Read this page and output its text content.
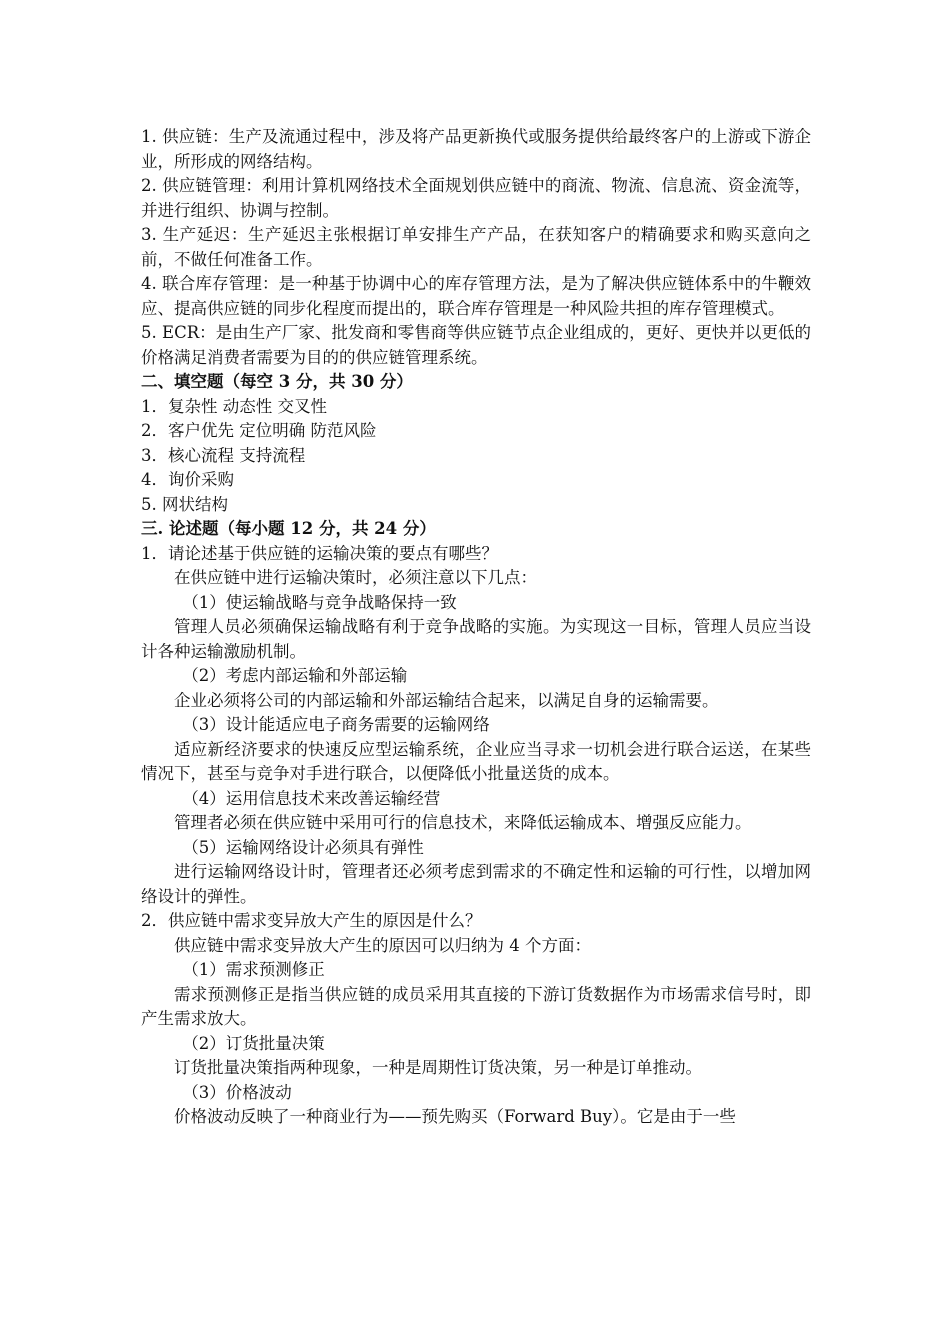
1. 供应链：生产及流通过程中，涉及将产品更新换代或服务提供给最终客户的上游或下游企业，所形成的网络结构。

2. 供应链管理：利用计算机网络技术全面规划供应链中的商流、物流、信息流、资金流等，并进行组织、协调与控制。

3. 生产延迟：生产延迟主张根据订单安排生产产品，在获知客户的精确要求和购买意向之前，不做任何准备工作。

4. 联合库存管理：是一种基于协调中心的库存管理方法，是为了解决供应链体系中的牛鞭效应、提高供应链的同步化程度而提出的，联合库存管理是一种风险共担的库存管理模式。

5. ECR：是由生产厂家、批发商和零售商等供应链节点企业组成的，更好、更快并以更低的价格满足消费者需要为目的的供应链管理系统。

二、填空题（每空 3 分，共 30 分）

1．复杂性 动态性 交叉性

2．客户优先 定位明确 防范风险

3．核心流程 支持流程

4．询价采购

5. 网状结构

三. 论述题（每小题 12 分，共 24 分）

1．请论述基于供应链的运输决策的要点有哪些？

在供应链中进行运输决策时，必须注意以下几点：

（1）使运输战略与竞争战略保持一致

管理人员必须确保运输战略有利于竞争战略的实施。为实现这一目标，管理人员应当设计各种运输激励机制。

（2）考虑内部运输和外部运输

企业必须将公司的内部运输和外部运输结合起来，以满足自身的运输需要。

（3）设计能适应电子商务需要的运输网络

适应新经济要求的快速反应型运输系统，企业应当寻求一切机会进行联合运送，在某些情况下，甚至与竞争对手进行联合，以便降低小批量送货的成本。

（4）运用信息技术来改善运输经营

管理者必须在供应链中采用可行的信息技术，来降低运输成本、增强反应能力。

（5）运输网络设计必须具有弹性

进行运输网络设计时，管理者还必须考虑到需求的不确定性和运输的可行性，以增加网络设计的弹性。

2．供应链中需求变异放大产生的原因是什么？

供应链中需求变异放大产生的原因可以归纳为 4 个方面：

（1）需求预测修正

需求预测修正是指当供应链的成员采用其直接的下游订货数据作为市场需求信号时，即产生需求放大。

（2）订货批量决策

订货批量决策指两种现象，一种是周期性订货决策，另一种是订单推动。

（3）价格波动

价格波动反映了一种商业行为——预先购买（Forward Buy）。它是由于一些
